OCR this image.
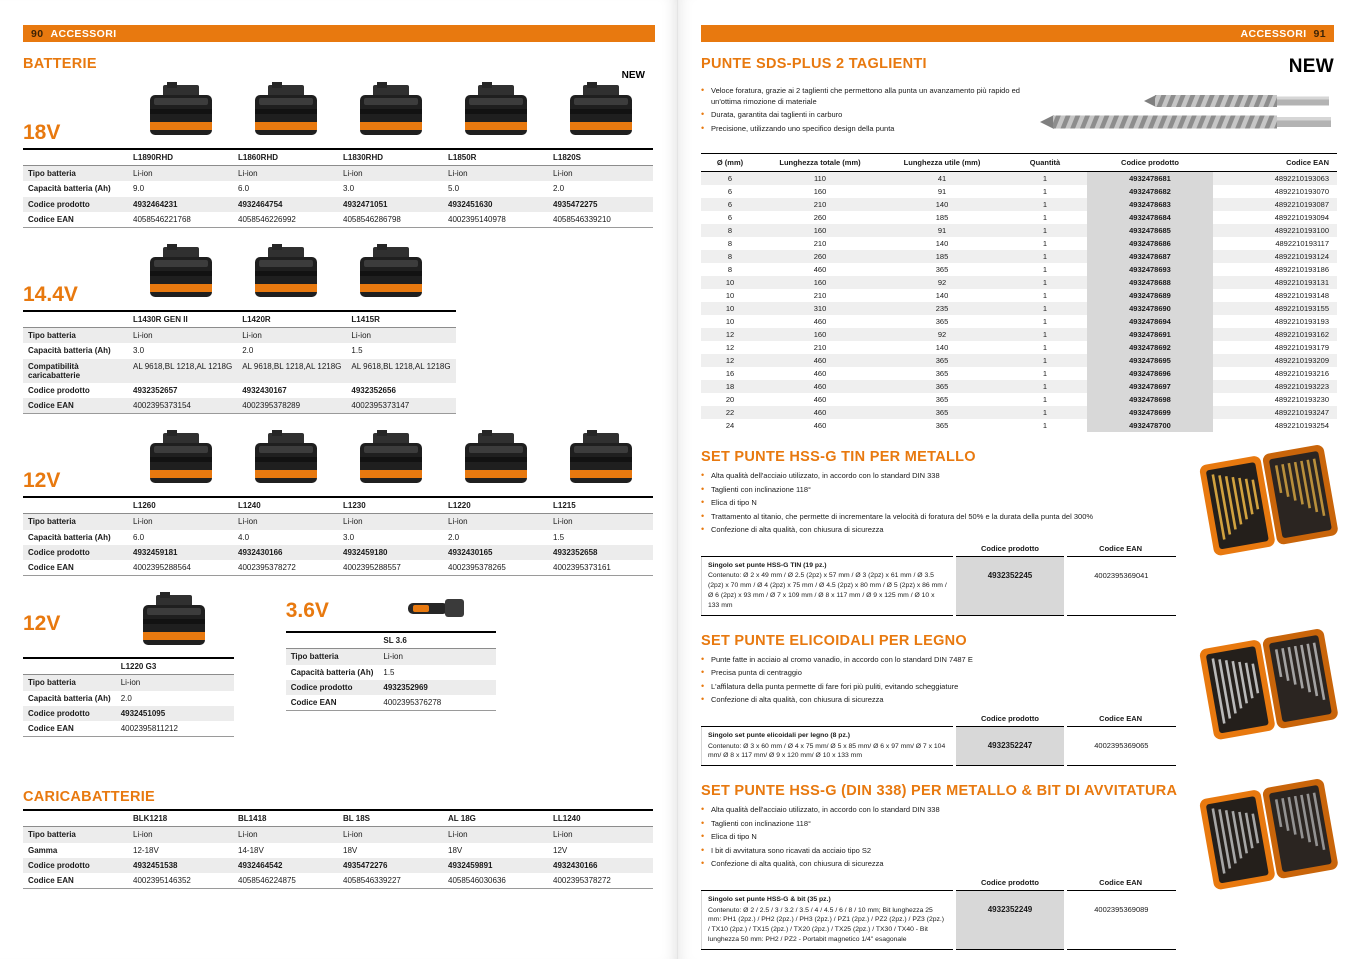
90 ACCESSORI
BATTERIE
18V
NEW
	L1890RHD	L1860RHD	L1830RHD	L1850R	L1820S
Tipo batteria	Li-ion	Li-ion	Li-ion	Li-ion	Li-ion
Capacità batteria (Ah)	9.0	6.0	3.0	5.0	2.0
Codice prodotto	4932464231	4932464754	4932471051	4932451630	4935472275
Codice EAN	4058546221768	4058546226992	4058546286798	4002395140978	4058546339210
14.4V
	L1430R GEN II	L1420R	L1415R
Tipo batteria	Li-ion	Li-ion	Li-ion
Capacità batteria (Ah)	3.0	2.0	1.5
Compatibilità caricabatterie	AL 9618,BL 1218,AL 1218G	AL 9618,BL 1218,AL 1218G	AL 9618,BL 1218,AL 1218G
Codice prodotto	4932352657	4932430167	4932352656
Codice EAN	4002395373154	4002395378289	4002395373147
12V
	L1260	L1240	L1230	L1220	L1215
Tipo batteria	Li-ion	Li-ion	Li-ion	Li-ion	Li-ion
Capacità batteria (Ah)	6.0	4.0	3.0	2.0	1.5
Codice prodotto	4932459181	4932430166	4932459180	4932430165	4932352658
Codice EAN	4002395288564	4002395378272	4002395288557	4002395378265	4002395373161
12V
	L1220 G3
Tipo batteria	Li-ion
Capacità batteria (Ah)	2.0
Codice prodotto	4932451095
Codice EAN	4002395811212
3.6V
	SL 3.6
Tipo batteria	Li-ion
Capacità batteria (Ah)	1.5
Codice prodotto	4932352969
Codice EAN	4002395376278
CARICABATTERIE
	BLK1218	BL1418	BL 18S	AL 18G	LL1240
Tipo batteria	Li-ion	Li-ion	Li-ion	Li-ion	Li-ion
Gamma	12-18V	14-18V	18V	18V	12V
Codice prodotto	4932451538	4932464542	4935472276	4932459891	4932430166
Codice EAN	4002395146352	4058546224875	4058546339227	4058546030636	4002395378272
ACCESSORI 91
PUNTE SDS-PLUS 2 TAGLIENTI	NEW
• Veloce foratura, grazie ai 2 taglienti che permettono alla punta un avanzamento più rapido ed un'ottima rimozione di materiale
• Durata, garantita dai taglienti in carburo
• Precisione, utilizzando uno specifico design della punta
Ø (mm)	Lunghezza totale (mm)	Lunghezza utile (mm)	Quantità	Codice prodotto	Codice EAN
6	110	41	1	4932478681	4892210193063
6	160	91	1	4932478682	4892210193070
6	210	140	1	4932478683	4892210193087
6	260	185	1	4932478684	4892210193094
8	160	91	1	4932478685	4892210193100
8	210	140	1	4932478686	4892210193117
8	260	185	1	4932478687	4892210193124
8	460	365	1	4932478693	4892210193186
10	160	92	1	4932478688	4892210193131
10	210	140	1	4932478689	4892210193148
10	310	235	1	4932478690	4892210193155
10	460	365	1	4932478694	4892210193193
12	160	92	1	4932478691	4892210193162
12	210	140	1	4932478692	4892210193179
12	460	365	1	4932478695	4892210193209
16	460	365	1	4932478696	4892210193216
18	460	365	1	4932478697	4892210193223
20	460	365	1	4932478698	4892210193230
22	460	365	1	4932478699	4892210193247
24	460	365	1	4932478700	4892210193254
SET PUNTE HSS-G TIN PER METALLO
• Alta qualità dell'acciaio utilizzato, in accordo con lo standard DIN 338
• Taglienti con inclinazione 118°
• Elica di tipo N
• Trattamento al titanio, che permette di incrementare la velocità di foratura del 50% e la durata della punta del 300%
• Confezione di alta qualità, con chiusura di sicurezza
	Codice prodotto	Codice EAN

Singolo set punte HSS-G TIN (19 pz.)
Contenuto: Ø 2 x 49 mm / Ø 2.5 (2pz) x 57 mm / Ø 3 (2pz) x 61 mm / Ø 3.5 (2pz) x 70 mm / Ø 4 (2pz) x 75 mm / Ø 4.5 (2pz) x 80 mm / Ø 5 (2pz) x 86 mm / Ø 6 (2pz) x 93 mm / Ø 7 x 109 mm / Ø 8 x 117 mm / Ø 9 x 125 mm / Ø 10 x 133 mm	4932352245	4002395369041
SET PUNTE ELICOIDALI PER LEGNO
• Punte fatte in acciaio al cromo vanadio, in accordo con lo standard DIN 7487 E
• Precisa punta di centraggio
• L'affilatura della punta permette di fare fori più puliti, evitando scheggiature
• Confezione di alta qualità, con chiusura di sicurezza
	Codice prodotto	Codice EAN

Singolo set punte elicoidali per legno (8 pz.)
Contenuto: Ø 3 x 60 mm / Ø 4 x 75 mm/ Ø 5 x 85 mm/ Ø 6 x 97 mm/ Ø 7 x 104 mm/ Ø 8 x 117 mm/ Ø 9 x 120 mm/ Ø 10 x 133 mm	4932352247	4002395369065
SET PUNTE HSS-G (DIN 338) PER METALLO & BIT DI AVVITATURA
• Alta qualità dell'acciaio utilizzato, in accordo con lo standard DIN 338
• Taglienti con inclinazione 118°
• Elica di tipo N
• I bit di avvitatura sono ricavati da acciaio tipo S2
• Confezione di alta qualità, con chiusura di sicurezza
	Codice prodotto	Codice EAN

Singolo set punte HSS-G & bit (35 pz.)
Contenuto: Ø 2 / 2.5 / 3 / 3.2 / 3.5 / 4 / 4.5 / 6 / 8 / 10 mm; Bit lunghezza 25 mm: PH1 (2pz.) / PH2 (2pz.) / PH3 (2pz.) / PZ1 (2pz.) / PZ2 (2pz.) / PZ3 (2pz.) / TX10 (2pz.) / TX15 (2pz.) / TX20 (2pz.) / TX25 (2pz.) / TX30 / TX40 - Bit lunghezza 50 mm: PH2 / PZ2 - Portabit magnetico 1/4" esagonale	4932352249	4002395369089
